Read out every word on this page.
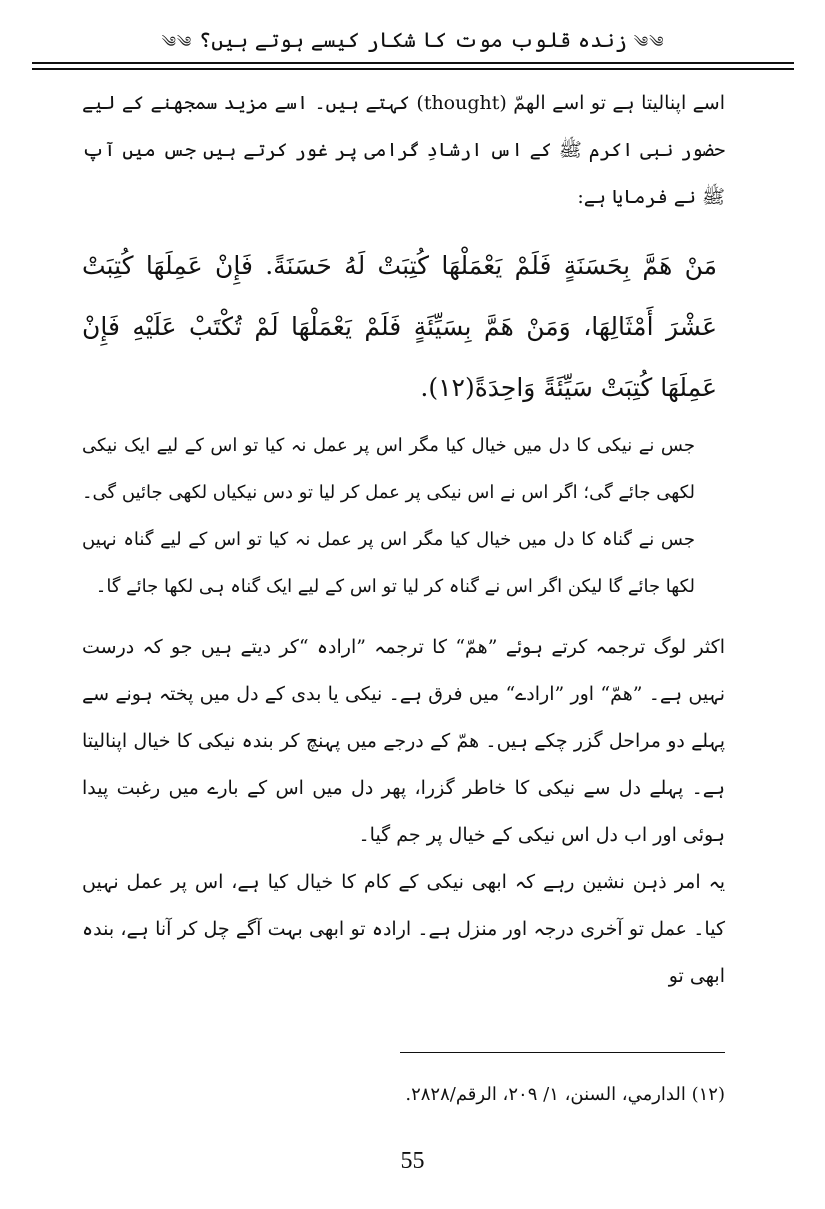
༄༄ زندہ قلوب موت کا شکار کیسے ہوتے ہیں؟ ༄༄

اسے اپنالیتا ہے تو اسے الھمّ (thought) کہتے ہیں۔ اسے مزید سمجھنے کے لیے حضور نبی اکرم ﷺ کے اس ارشادِ گرامی پر غور کرتے ہیں جس میں آپ ﷺ نے فرمایا ہے:

مَنْ هَمَّ بِحَسَنَةٍ فَلَمْ يَعْمَلْهَا كُتِبَتْ لَهُ حَسَنَةً. فَإِنْ عَمِلَهَا كُتِبَتْ عَشْرَ أَمْثَالِهَا، وَمَنْ هَمَّ بِسَيِّئَةٍ فَلَمْ يَعْمَلْهَا لَمْ تُكْتَبْ عَلَيْهِ فَإِنْ عَمِلَهَا كُتِبَتْ سَيِّئَةً وَاحِدَةً(١٢).

جس نے نیکی کا دل میں خیال کیا مگر اس پر عمل نہ کیا تو اس کے لیے ایک نیکی لکھی جائے گی؛ اگر اس نے اس نیکی پر عمل کر لیا تو دس نیکیاں لکھی جائیں گی۔ جس نے گناہ کا دل میں خیال کیا مگر اس پر عمل نہ کیا تو اس کے لیے گناہ نہیں لکھا جائے گا لیکن اگر اس نے گناہ کر لیا تو اس کے لیے ایک گناہ ہی لکھا جائے گا۔

اکثر لوگ ترجمہ کرتے ہوئے ”ھمّ“ کا ترجمہ ”ارادہ “کر دیتے ہیں جو کہ درست نہیں ہے۔ ”ھمّ“ اور ”ارادے“ میں فرق ہے۔ نیکی یا بدی کے دل میں پختہ ہونے سے پہلے دو مراحل گزر چکے ہیں۔ ھمّ کے درجے میں پہنچ کر بندہ نیکی کا خیال اپنالیتا ہے۔ پہلے دل سے نیکی کا خاطر گزرا، پھر دل میں اس کے بارے میں رغبت پیدا ہوئی اور اب دل اس نیکی کے خیال پر جم گیا۔

یہ امر ذہن نشین رہے کہ ابھی نیکی کے کام کا خیال کیا ہے، اس پر عمل نہیں کیا۔ عمل تو آخری درجہ اور منزل ہے۔ ارادہ تو ابھی بہت آگے چل کر آنا ہے، بندہ ابھی تو

(١٢) الدارمي، السنن، ١/ ٢٠٩، الرقم/٢٨٢٨.
55
